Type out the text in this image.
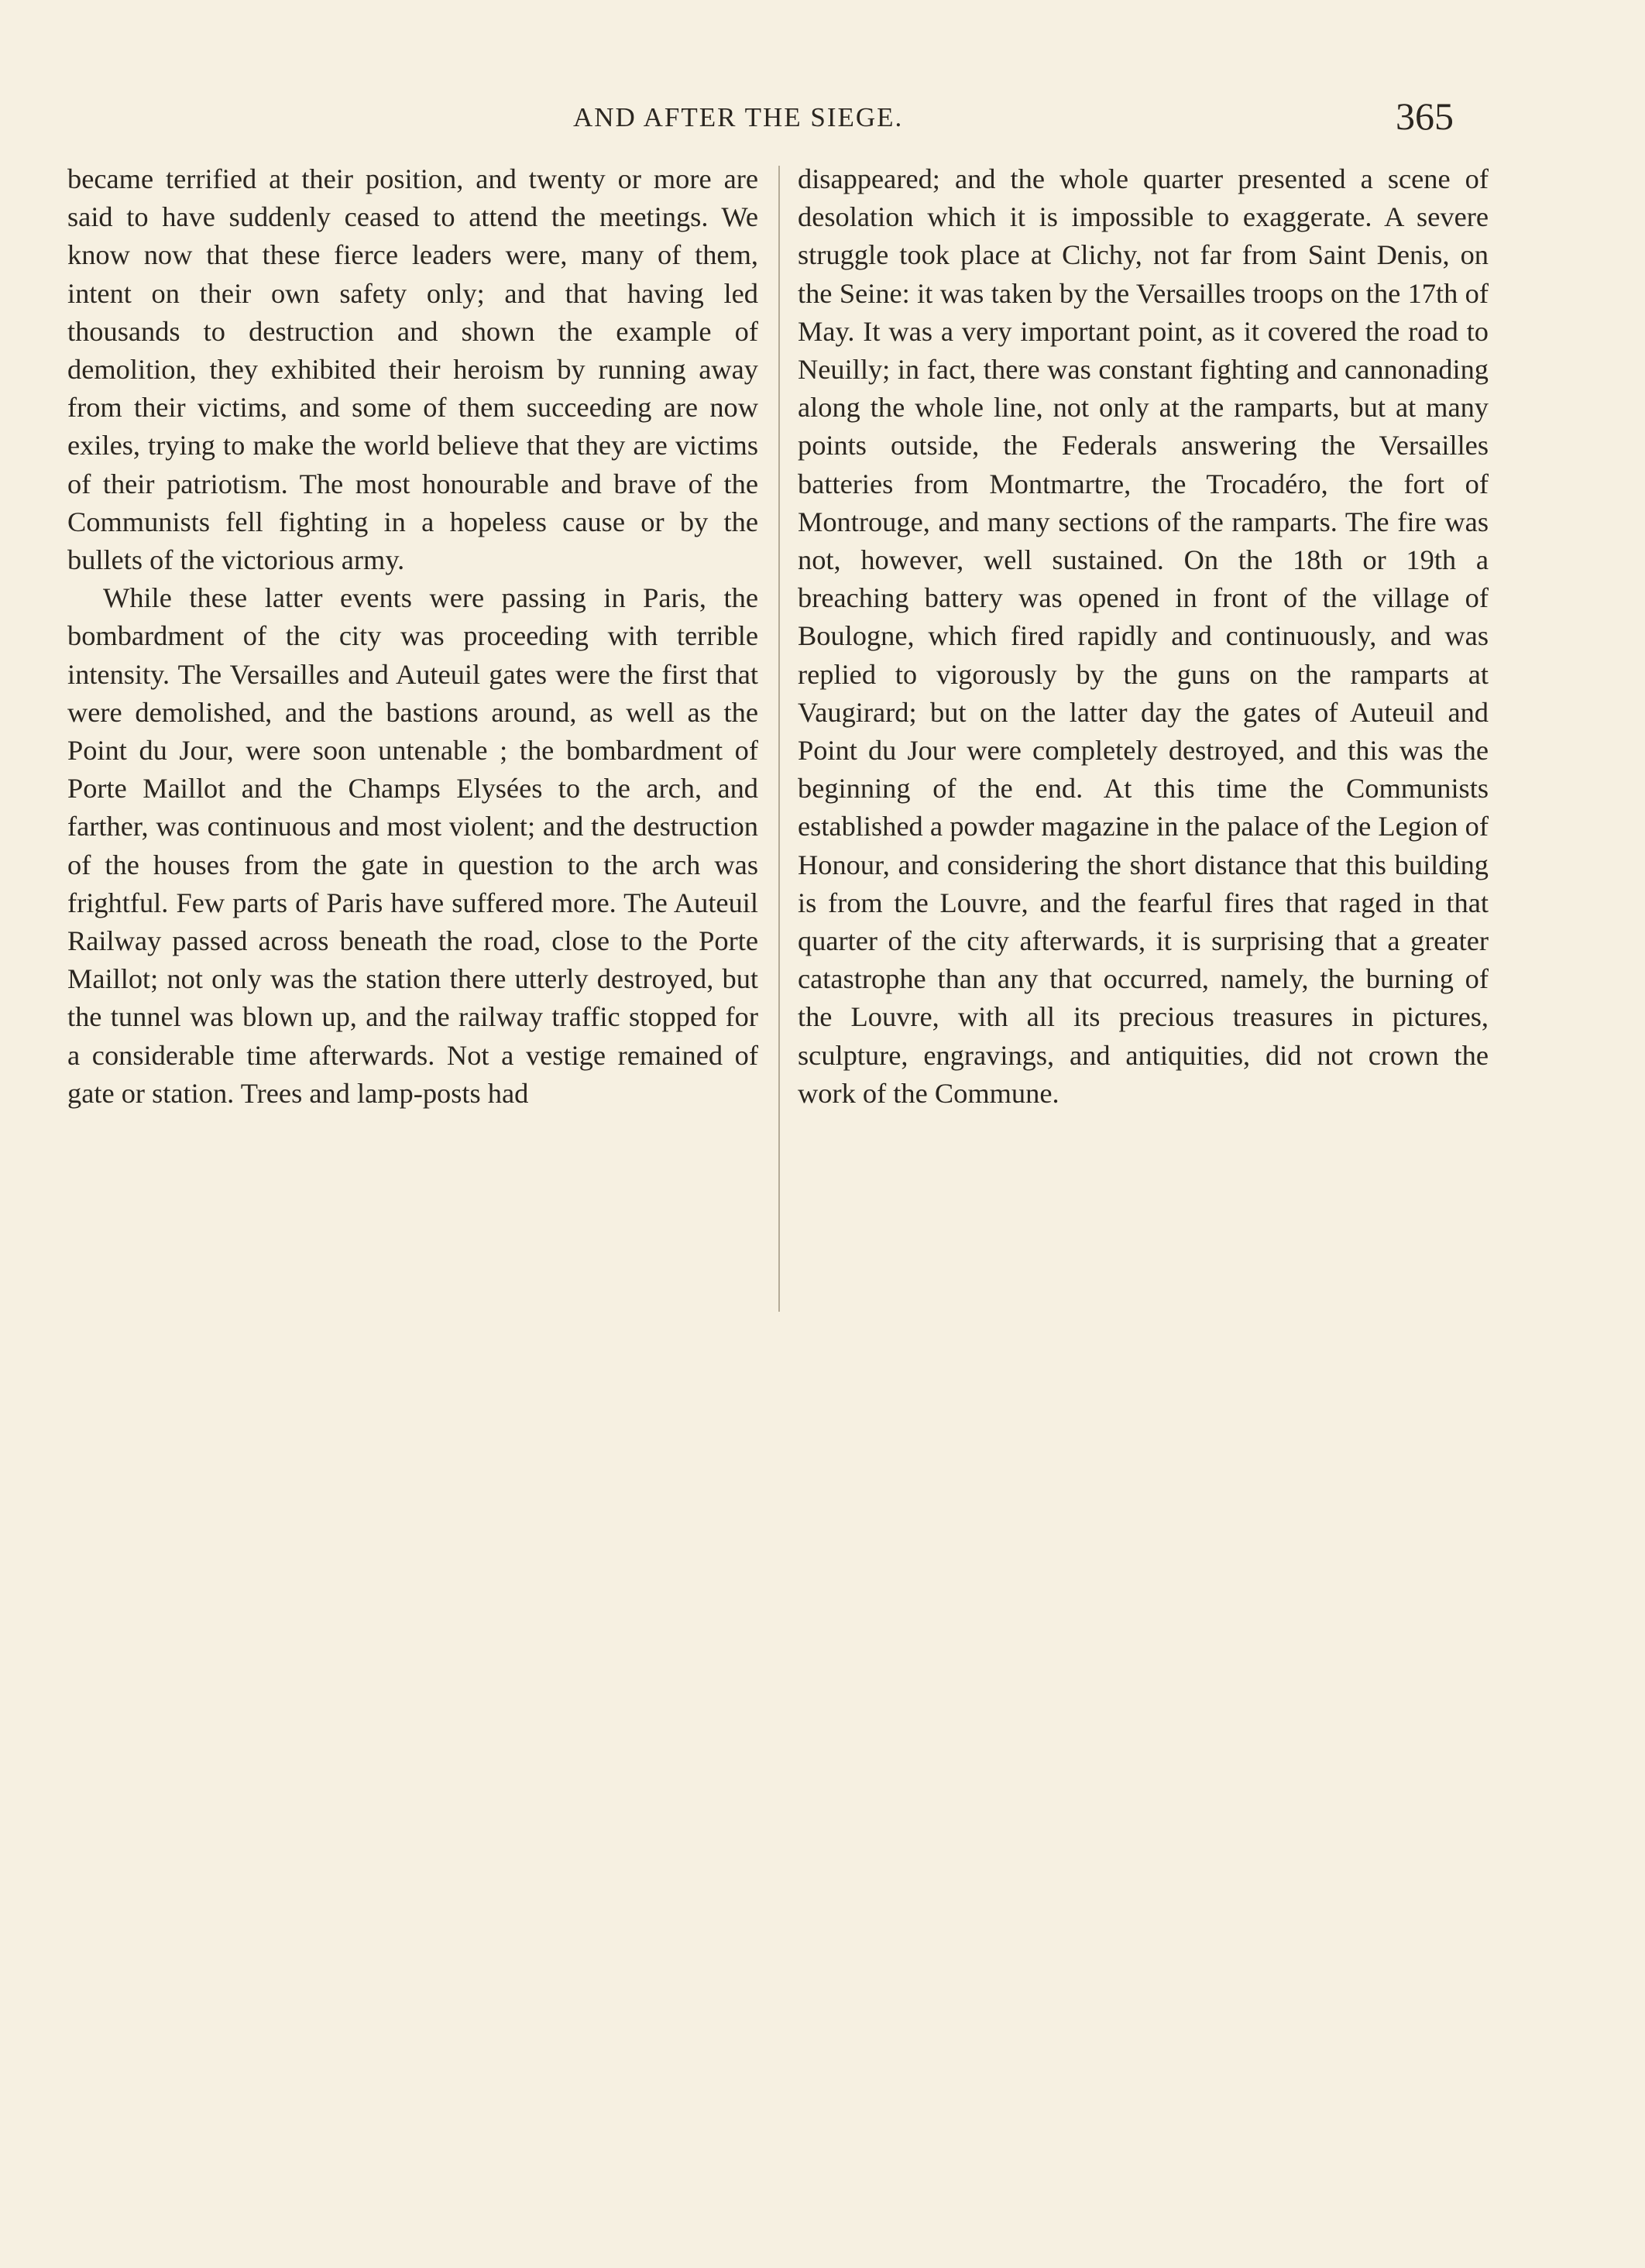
AND AFTER THE SIEGE.	365

became terrified at their position, and twenty or more are said to have suddenly ceased to attend the meetings. We know now that these fierce leaders were, many of them, intent on their own safety only; and that having led thousands to destruction and shown the example of demolition, they exhibited their heroism by running away from their victims, and some of them succeeding are now exiles, trying to make the world believe that they are victims of their patriotism. The most honourable and brave of the Communists fell fighting in a hopeless cause or by the bullets of the victorious army.

While these latter events were passing in Paris, the bombardment of the city was proceeding with terrible intensity. The Versailles and Auteuil gates were the first that were demolished, and the bastions around, as well as the Point du Jour, were soon untenable ; the bombardment of Porte Maillot and the Champs Elysées to the arch, and farther, was continuous and most violent; and the destruction of the houses from the gate in question to the arch was frightful. Few parts of Paris have suffered more. The Auteuil Railway passed across beneath the road, close to the Porte Maillot; not only was the station there utterly destroyed, but the tunnel was blown up, and the railway traffic stopped for a considerable time afterwards. Not a vestige remained of gate or station. Trees and lamp-posts had

disappeared; and the whole quarter presented a scene of desolation which it is impossible to exaggerate. A severe struggle took place at Clichy, not far from Saint Denis, on the Seine: it was taken by the Versailles troops on the 17th of May. It was a very important point, as it covered the road to Neuilly; in fact, there was constant fighting and cannonading along the whole line, not only at the ramparts, but at many points outside, the Federals answering the Versailles batteries from Montmartre, the Trocadéro, the fort of Montrouge, and many sections of the ramparts. The fire was not, however, well sustained. On the 18th or 19th a breaching battery was opened in front of the village of Boulogne, which fired rapidly and continuously, and was replied to vigorously by the guns on the ramparts at Vaugirard; but on the latter day the gates of Auteuil and Point du Jour were completely destroyed, and this was the beginning of the end. At this time the Communists established a powder magazine in the palace of the Legion of Honour, and considering the short distance that this building is from the Louvre, and the fearful fires that raged in that quarter of the city afterwards, it is surprising that a greater catastrophe than any that occurred, namely, the burning of the Louvre, with all its precious treasures in pictures, sculpture, engravings, and antiquities, did not crown the work of the Commune.
